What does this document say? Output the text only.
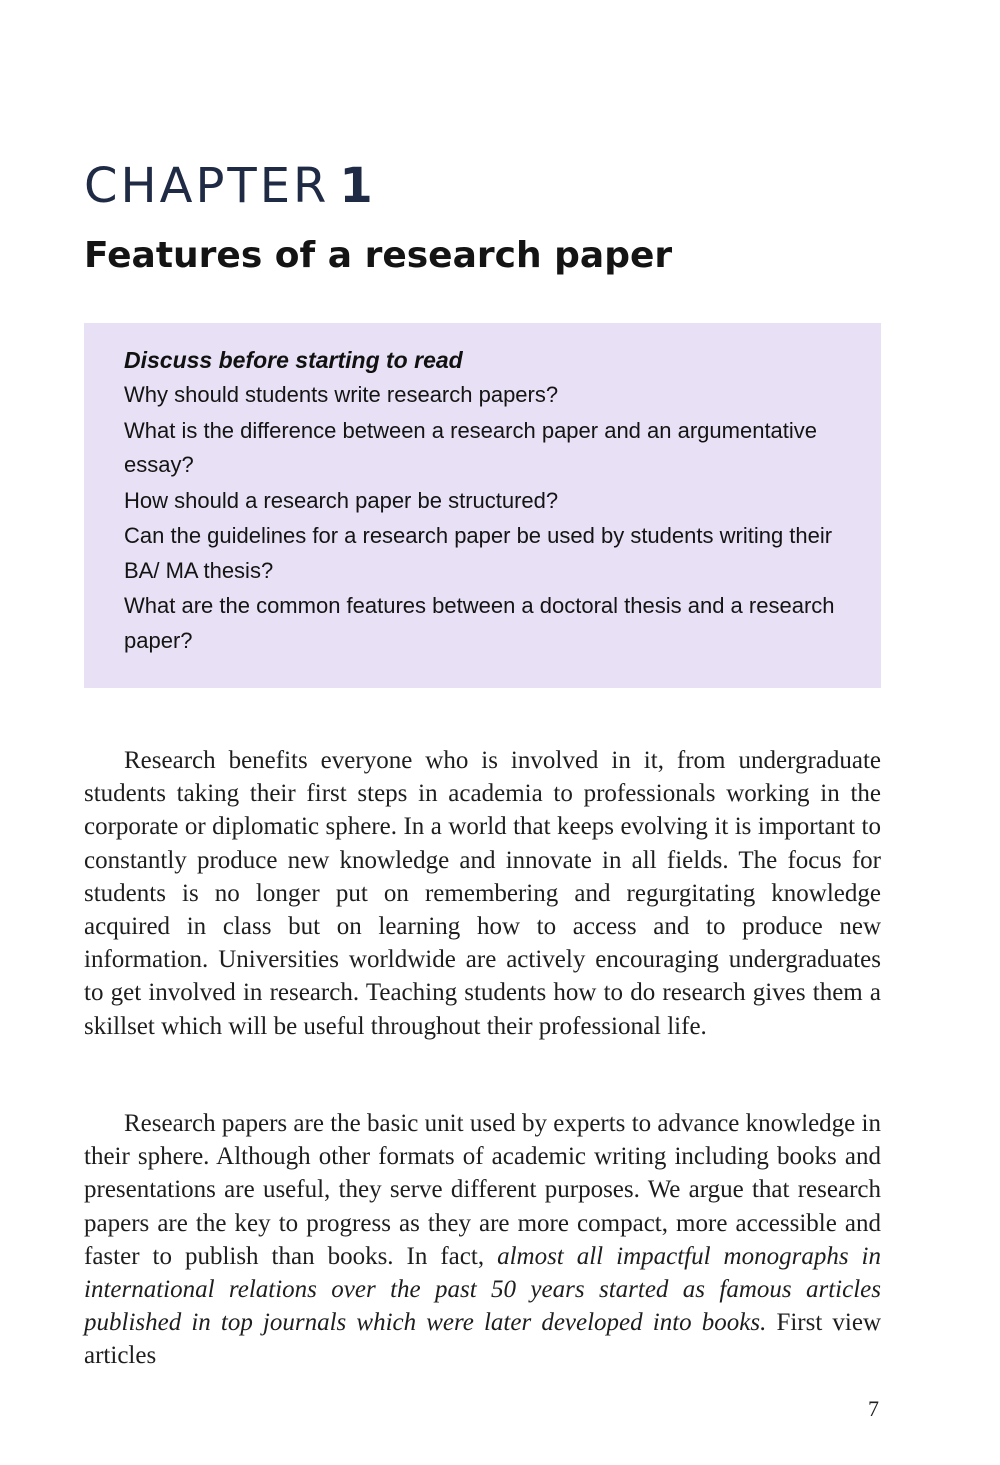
CHAPTER 1
Features of a research paper
Discuss before starting to read
Why should students write research papers?
What is the difference between a research paper and an argumentative essay?
How should a research paper be structured?
Can the guidelines for a research paper be used by students writing their BA/ MA thesis?
What are the common features between a doctoral thesis and a research paper?

Research benefits everyone who is involved in it, from undergraduate students taking their first steps in academia to professionals working in the corporate or diplomatic sphere. In a world that keeps evolving it is important to constantly produce new knowledge and innovate in all fields. The focus for students is no longer put on remembering and regurgitating knowledge acquired in class but on learning how to access and to produce new information. Universities worldwide are actively encouraging undergraduates to get involved in research. Teaching students how to do research gives them a skillset which will be useful throughout their professional life.

Research papers are the basic unit used by experts to advance knowledge in their sphere. Although other formats of academic writing including books and presentations are useful, they serve different purposes. We argue that research papers are the key to progress as they are more compact, more accessible and faster to publish than books. In fact, almost all impactful monographs in international relations over the past 50 years started as famous articles published in top journals which were later developed into books. First view articles

7
